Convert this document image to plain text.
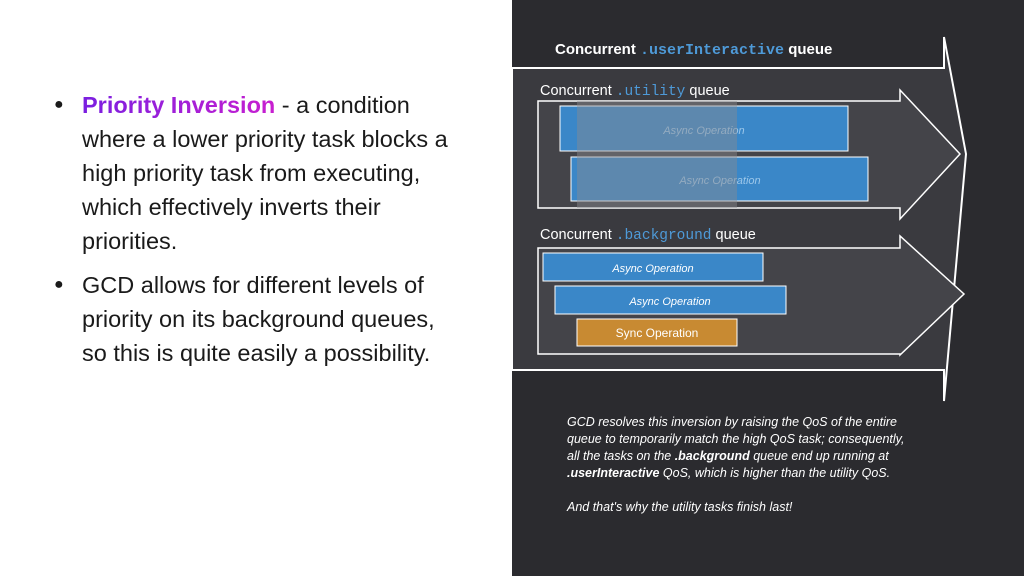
● Priority Inversion - a condition where a lower priority task blocks a high priority task from executing, which effectively inverts their priorities.
● GCD allows for different levels of priority on its background queues, so this is quite easily a possibility.
Concurrent .userInteractive queue
Concurrent .utility queue
Async Operation
Async Operation
Concurrent .background queue
Async Operation
Async Operation
Sync Operation

GCD resolves this inversion by raising the QoS of the entire queue to temporarily match the high QoS task; consequently, all the tasks on the .background queue end up running at .userInteractive QoS, which is higher than the utility QoS.

And that's why the utility tasks finish last!
